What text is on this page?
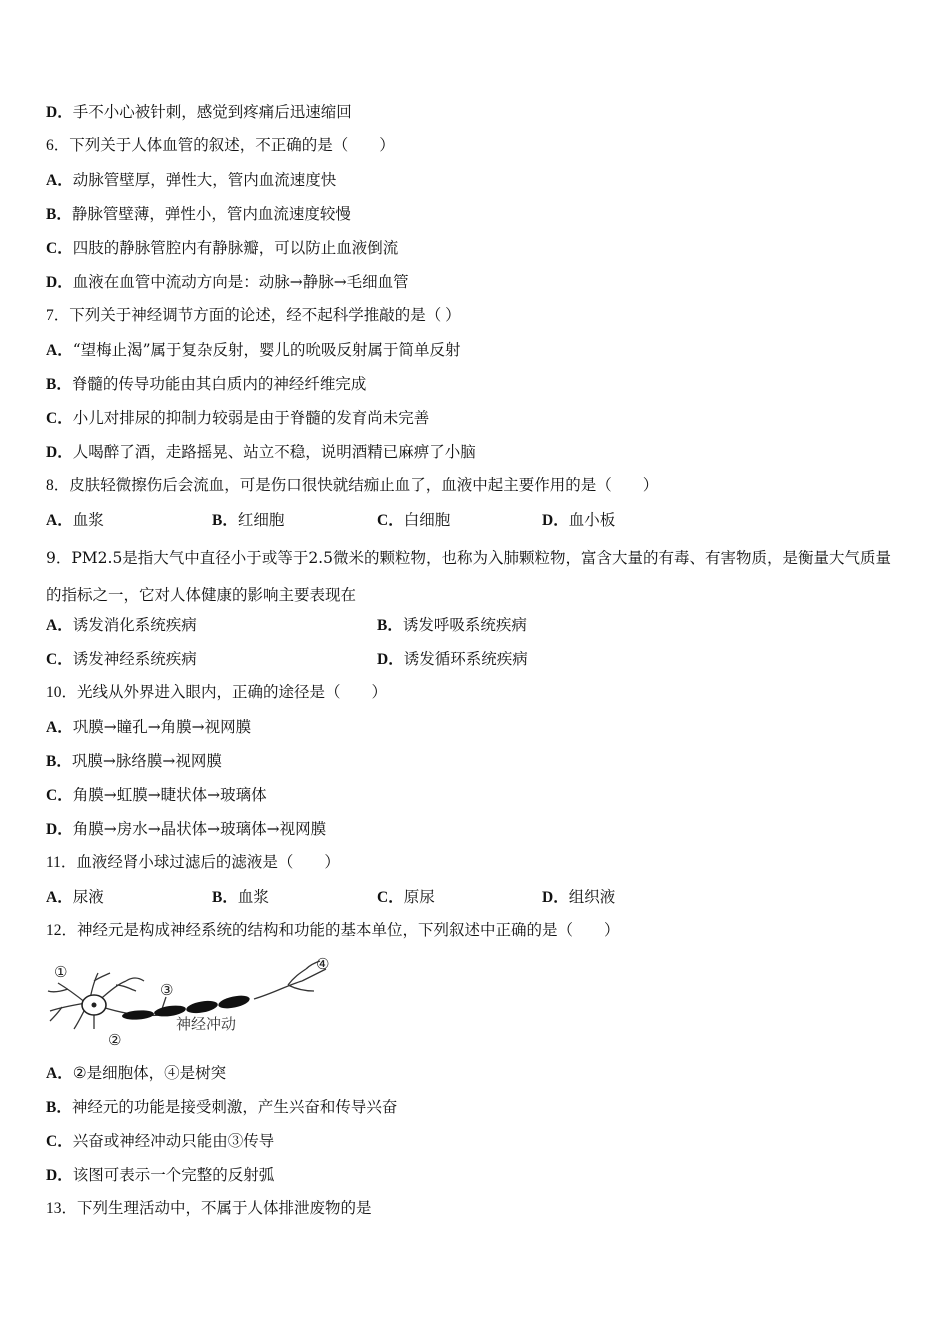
D．手不小心被针刺，感觉到疼痛后迅速缩回
6．下列关于人体血管的叙述，不正确的是（　　）
A．动脉管壁厚，弹性大，管内血流速度快
B．静脉管壁薄，弹性小，管内血流速度较慢
C．四肢的静脉管腔内有静脉瓣，可以防止血液倒流
D．血液在血管中流动方向是：动脉→静脉→毛细血管
7．下列关于神经调节方面的论述，经不起科学推敲的是（ ）
A．“望梅止渴”属于复杂反射，婴儿的吮吸反射属于简单反射
B．脊髓的传导功能由其白质内的神经纤维完成
C．小儿对排尿的抑制力较弱是由于脊髓的发育尚未完善
D．人喝醉了酒，走路摇晃、站立不稳，说明酒精已麻痹了小脑
8．皮肤轻微擦伤后会流血，可是伤口很快就结痂止血了，血液中起主要作用的是（　　）
A．血浆	B．红细胞	C．白细胞	D．血小板
9．PM2.5是指大气中直径小于或等于2.5微米的颗粒物，也称为入肺颗粒物，富含大量的有毒、有害物质，是衡量大气质量的指标之一，它对人体健康的影响主要表现在
A．诱发消化系统疾病	B．诱发呼吸系统疾病
C．诱发神经系统疾病	D．诱发循环系统疾病
10．光线从外界进入眼内，正确的途径是（　　）
A．巩膜→瞳孔→角膜→视网膜
B．巩膜→脉络膜→视网膜
C．角膜→虹膜→睫状体→玻璃体
D．角膜→房水→晶状体→玻璃体→视网膜
11．血液经肾小球过滤后的滤液是（　　）
A．尿液	B．血浆	C．原尿	D．组织液
12．神经元是构成神经系统的结构和功能的基本单位，下列叙述中正确的是（　　）
①
②
③
④
神经冲动
A．②是细胞体，④是树突
B．神经元的功能是接受刺激，产生兴奋和传导兴奋
C．兴奋或神经冲动只能由③传导
D．该图可表示一个完整的反射弧
13．下列生理活动中，不属于人体排泄废物的是
